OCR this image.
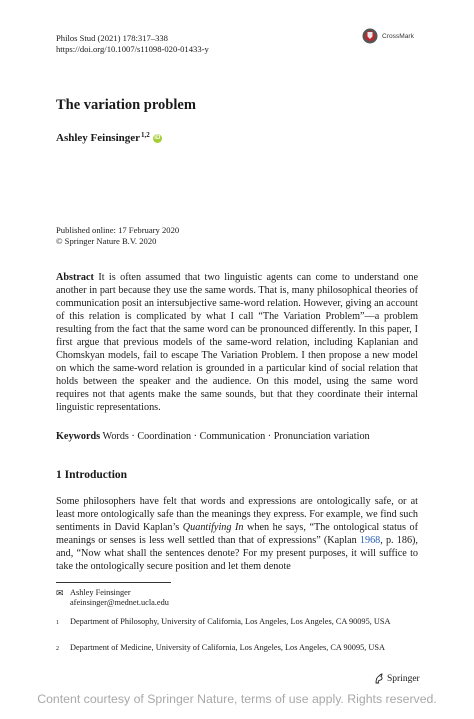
Philos Stud (2021) 178:317–338
https://doi.org/10.1007/s11098-020-01433-y
CrossMark
The variation problem
Ashley Feinsinger$^{1,2}$ iD
Published online: 17 February 2020
© Springer Nature B.V. 2020
Abstract It is often assumed that two linguistic agents can come to understand one another in part because they use the same words. That is, many philosophical theories of communication posit an intersubjective same-word relation. However, giving an account of this relation is complicated by what I call “The Variation Problem”—a problem resulting from the fact that the same word can be pronounced differently. In this paper, I first argue that previous models of the same-word relation, including Kaplanian and Chomskyan models, fail to escape The Variation Problem. I then propose a new model on which the same-word relation is grounded in a particular kind of social relation that holds between the speaker and the audience. On this model, using the same word requires not that agents make the same sounds, but that they coordinate their internal linguistic representations.
Keywords Words · Coordination · Communication · Pronunciation variation
1 Introduction
Some philosophers have felt that words and expressions are ontologically safe, or at least more ontologically safe than the meanings they express. For example, we find such sentiments in David Kaplan’s Quantifying In when he says, “The ontological status of meanings or senses is less well settled than that of expressions” (Kaplan 1968, p. 186), and, “Now what shall the sentences denote? For my present purposes, it will suffice to take the ontologically secure position and let them denote
✉ Ashley Feinsinger
afeinsinger@mednet.ucla.edu
1	Department of Philosophy, University of California, Los Angeles, Los Angeles, CA 90095, USA
2	Department of Medicine, University of California, Los Angeles, Los Angeles, CA 90095, USA
Springer
Content courtesy of Springer Nature, terms of use apply. Rights reserved.
